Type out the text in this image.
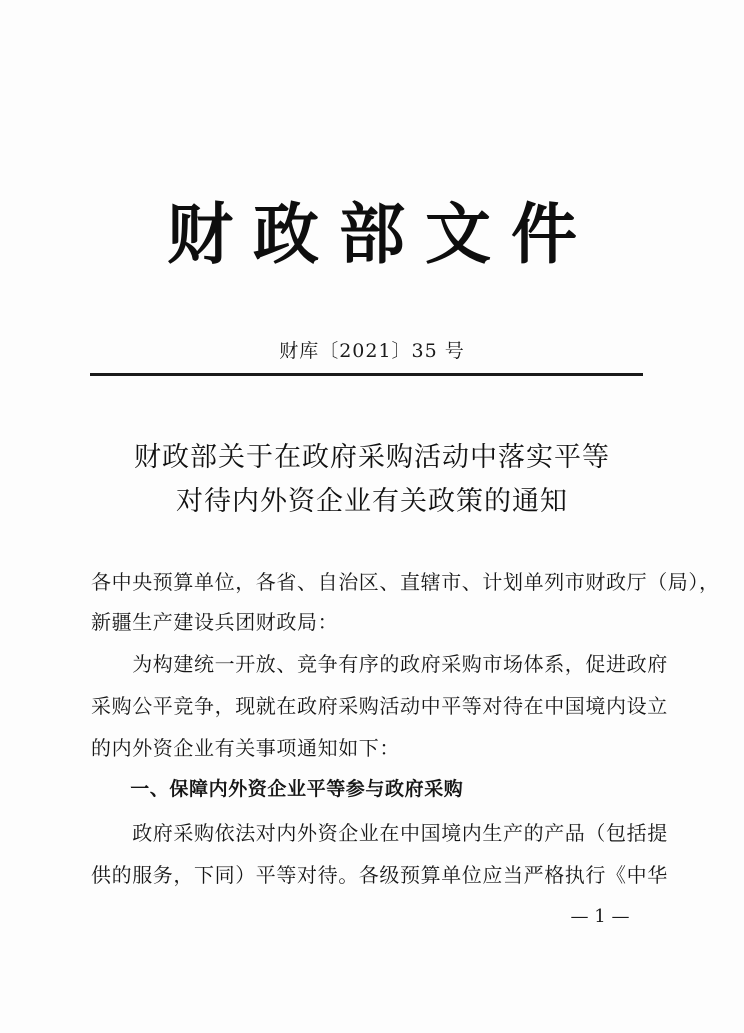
财政部文件
财库〔2021〕35 号
财政部关于在政府采购活动中落实平等
对待内外资企业有关政策的通知
各中央预算单位，各省、自治区、直辖市、计划单列市财政厅（局），
新疆生产建设兵团财政局：
　　为构建统一开放、竞争有序的政府采购市场体系，促进政府
采购公平竞争，现就在政府采购活动中平等对待在中国境内设立
的内外资企业有关事项通知如下：
　　一、保障内外资企业平等参与政府采购
　　政府采购依法对内外资企业在中国境内生产的产品（包括提
供的服务，下同）平等对待。各级预算单位应当严格执行《中华
— 1 —
